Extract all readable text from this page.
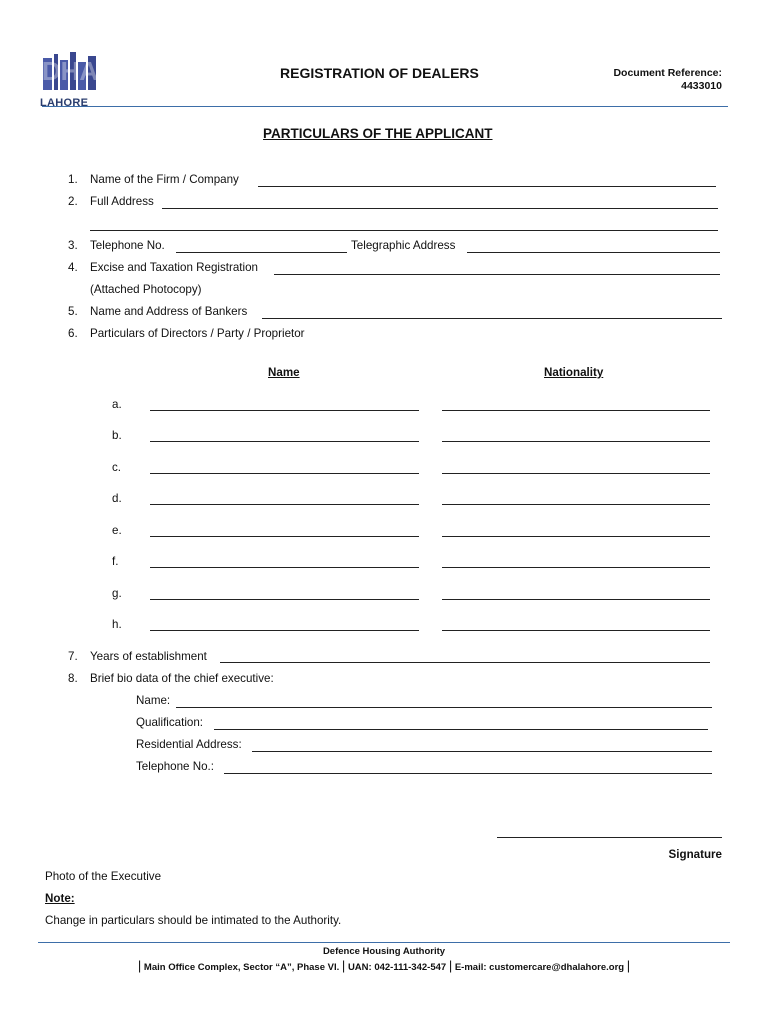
DHA
LAHORE
REGISTRATION OF DEALERS	Document Reference:
4433010
PARTICULARS OF THE APPLICANT
1. Name of the Firm / Company
2. Full Address
3. Telephone No.	Telegraphic Address
4. Excise and Taxation Registration
(Attached Photocopy)
5. Name and Address of Bankers
6. Particulars of Directors / Party / Proprietor
Name	Nationality
a.
b.
c.
d.
e.
f.
g.
h.
7. Years of establishment
8. Brief bio data of the chief executive:
Name:
Qualification:
Residential Address:
Telephone No.:
Signature
Photo of the Executive
Note:
Change in particulars should be intimated to the Authority.
Defence Housing Authority
| Main Office Complex, Sector “A”, Phase VI. | UAN: 042-111-342-547 | E-mail: customercare@dhalahore.org |
